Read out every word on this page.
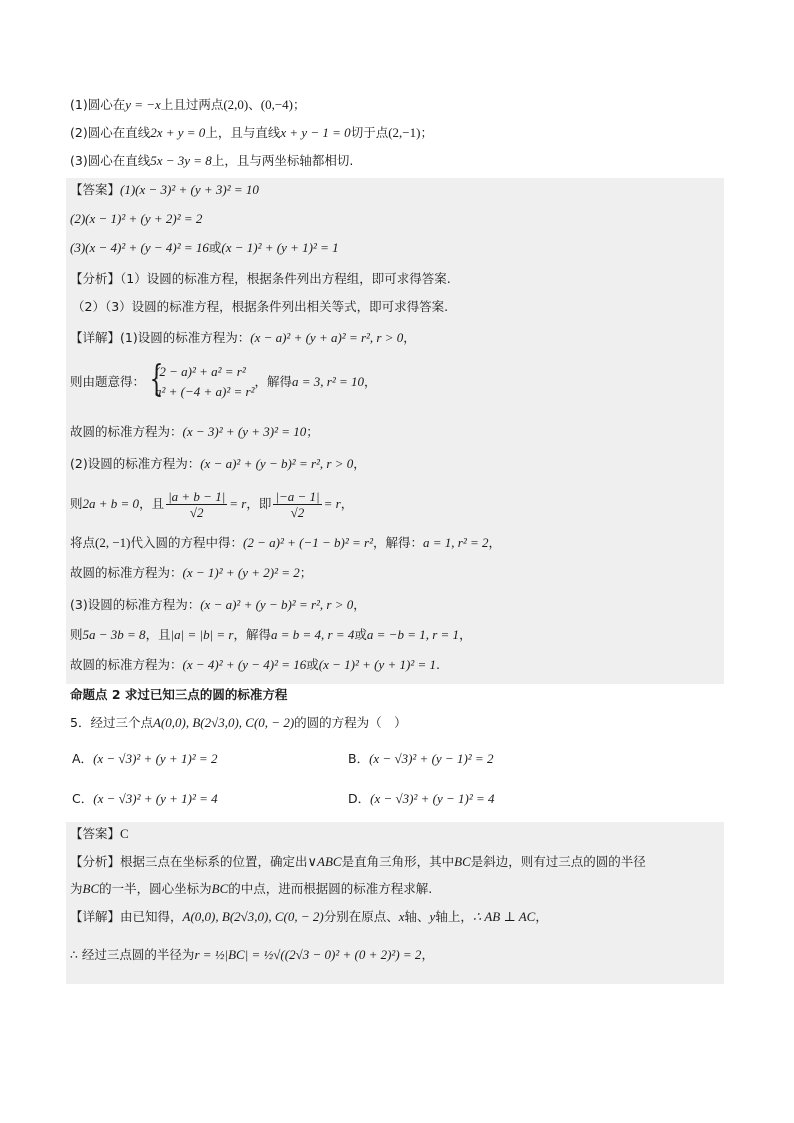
(1)圆心在y = −x上且过两点(2,0)、(0,−4)；
(2)圆心在直线2x + y = 0上，且与直线x + y − 1 = 0切于点(2,−1)；
(3)圆心在直线5x − 3y = 8上，且与两坐标轴都相切.
【答案】(1)(x − 3)² + (y + 3)² = 10
(2)(x − 1)² + (y + 2)² = 2
(3)(x − 4)² + (y − 4)² = 16或(x − 1)² + (y + 1)² = 1
【分析】（1）设圆的标准方程，根据条件列出方程组，即可求得答案.
（2）（3）设圆的标准方程，根据条件列出相关等式，即可求得答案.
【详解】(1)设圆的标准方程为：(x − a)² + (y + a)² = r², r > 0，
则由题意得： {
(2 − a)² + a² = r²
a² + (−4 + a)² = r²
，解得a = 3, r² = 10，
故圆的标准方程为：(x − 3)² + (y + 3)² = 10；
(2)设圆的标准方程为：(x − a)² + (y − b)² = r², r > 0，
则2a + b = 0，且 $\frac{|a + b - 1|}{√2} = r$，即 $\frac{|-a - 1|}{√2} = r$，
将点(2, −1)代入圆的方程中得：(2 − a)² + (−1 − b)² = r²，解得：a = 1, r² = 2，
故圆的标准方程为：(x − 1)² + (y + 2)² = 2；
(3)设圆的标准方程为：(x − a)² + (y − b)² = r², r > 0，
则5a − 3b = 8，且|a| = |b| = r，解得a = b = 4, r = 4或a = −b = 1, r = 1，
故圆的标准方程为：(x − 4)² + (y − 4)² = 16或(x − 1)² + (y + 1)² = 1.
命题点 2 求过已知三点的圆的标准方程
5．经过三个点A(0,0), B(2√3,0), C(0, − 2)的圆的方程为（　）
A．(x − √3)² + (y + 1)² = 2	B．(x − √3)² + (y − 1)² = 2
C．(x − √3)² + (y + 1)² = 4	D．(x − √3)² + (y − 1)² = 4
【答案】C
【分析】根据三点在坐标系的位置，确定出∨ABC是直角三角形，其中BC是斜边，则有过三点的圆的半径
为BC的一半，圆心坐标为BC的中点，进而根据圆的标准方程求解.
【详解】由已知得，A(0,0), B(2√3,0), C(0, − 2)分别在原点、x轴、y轴上，∴ AB ⊥ AC，
∴ 经过三点圆的半径为r = ½|BC| = ½√((2√3 − 0)² + (0 + 2)²) = 2，
